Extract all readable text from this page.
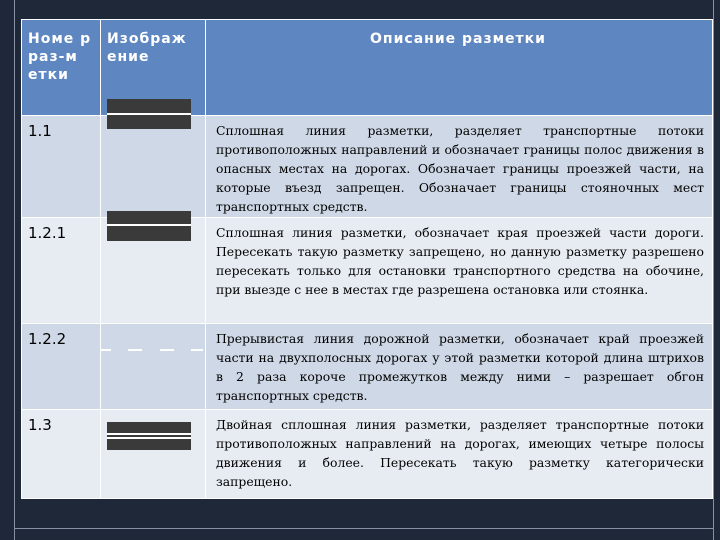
Номе р раз-м етки	Изображ ение	Описание разметки
1.1		Сплошная линия разметки, разделяет транспортные потоки противоположных направлений и обозначает границы полос движения в опасных местах на дорогах. Обозначает границы проезжей части, на которые въезд запрещен. Обозначает границы стояночных мест транспортных средств.
1.2.1		Сплошная линия разметки, обозначает края проезжей части дороги. Пересекать такую разметку запрещено, но данную разметку разрешено пересекать только для остановки транспортного средства на обочине, при выезде с нее в местах где разрешена остановка или стоянка.
1.2.2		Прерывистая линия дорожной разметки, обозначает край проезжей части на двухполосных дорогах у этой разметки которой длина штрихов в 2 раза короче промежутков между ними – разрешает обгон транспортных средств.
1.3		Двойная сплошная линия разметки, разделяет транспортные потоки противоположных направлений на дорогах, имеющих четыре полосы движения и более. Пересекать такую разметку категорически запрещено.
